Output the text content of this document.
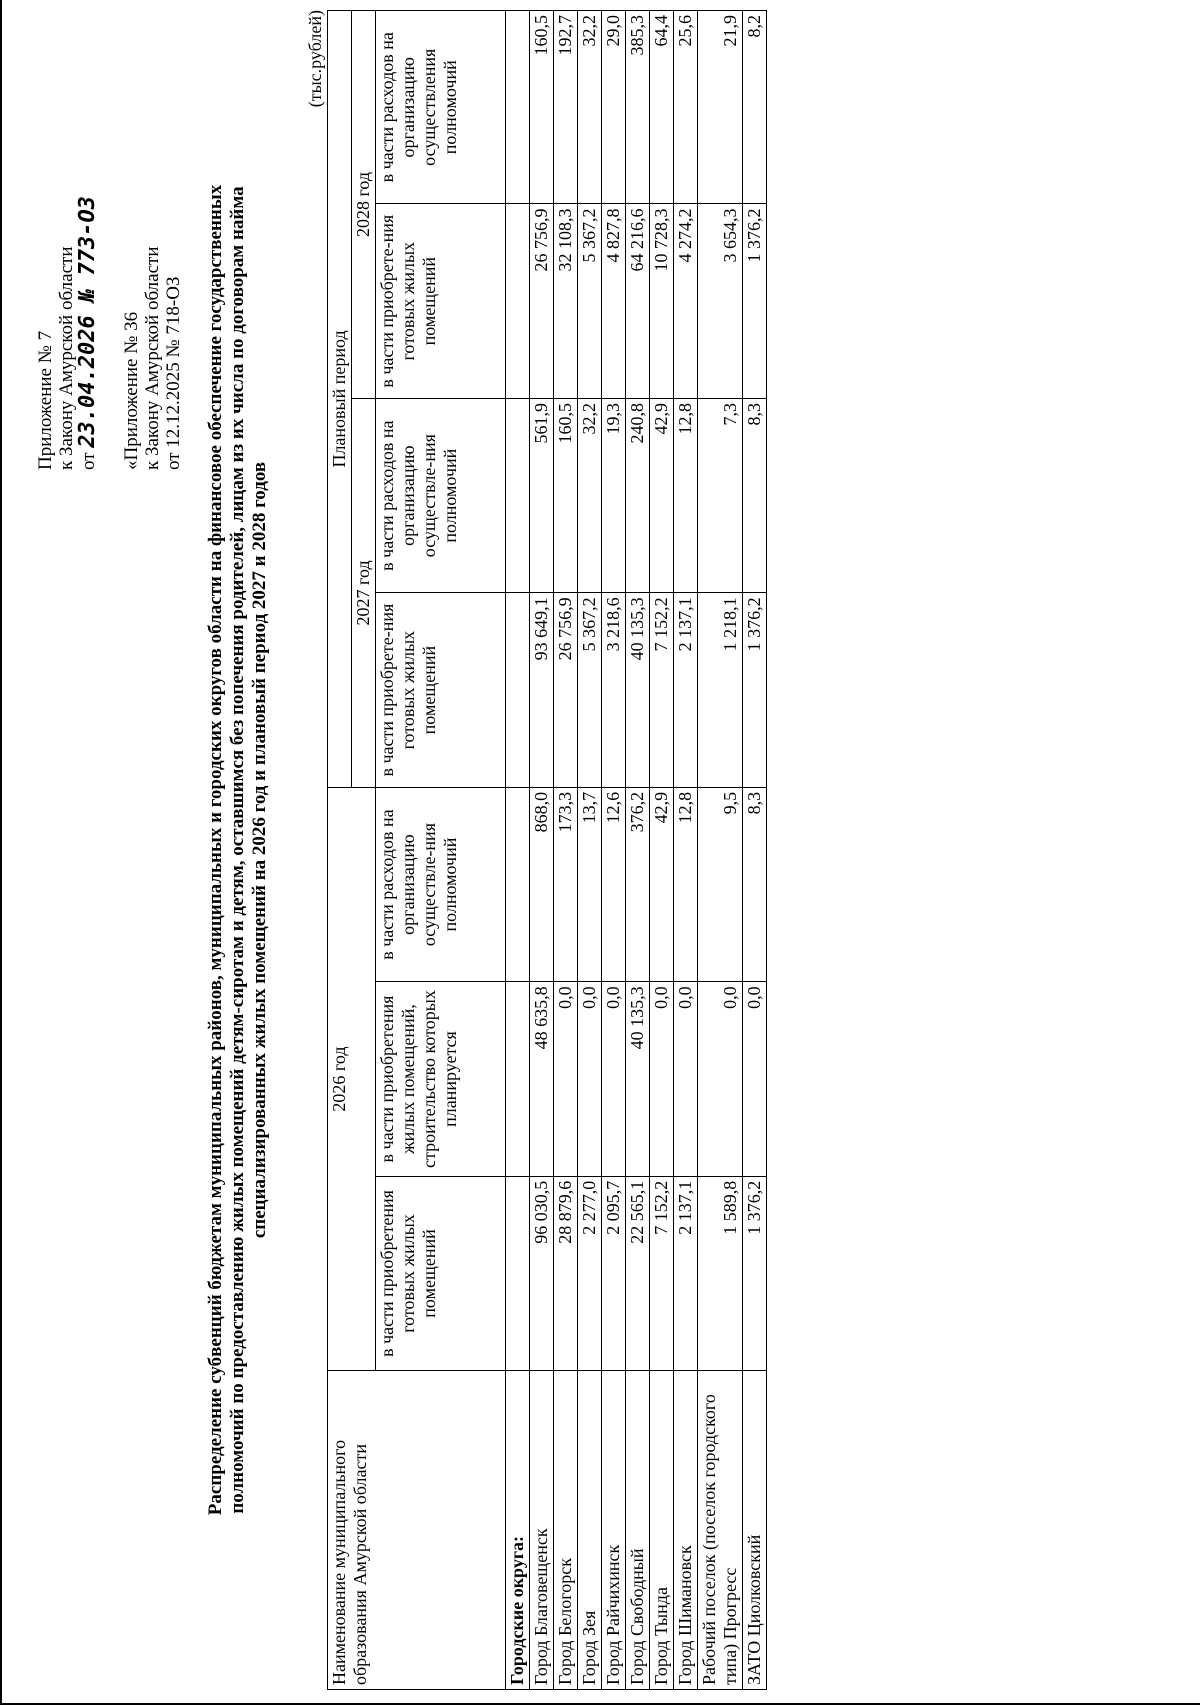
Приложение № 7 к Закону Амурской области от 23.04.2026 № 773-ОЗ «Приложение № 36 к Закону Амурской области от 12.12.2025 № 718-ОЗ Распределение субвенций бюджетам муниципальных районов, муниципальных и городских округов области на финансовое обеспечение государственных полномочий по предоставлению жилых помещений детям-сиротам и детям, оставшимся без попечения родителей, лицам из их числа по договорам найма специализированных жилых помещений на 2026 год и плановый период 2027 и 2028 годов
(тыс.рублей)
Наименование муниципального образования Амурской области	2026 год			Плановый период			
				2027 год		2028 год	
	в части приобретения готовых жилых помещений	в части приобретения жилых помещений, строительство которых планируется	в части расходов на организацию осуществле-ния полномочий	в части приобрете-ния готовых жилых помещений	в части расходов на организацию осуществле-ния полномочий	в части приобрете-ния готовых жилых помещений	в части расходов на организацию осуществления полномочий
Городские округа:							
Город Благовещенск	96 030,5	48 635,8	868,0	93 649,1	561,9	26 756,9	160,5
Город Белогорск	28 879,6	0,0	173,3	26 756,9	160,5	32 108,3	192,7
Город Зея	2 277,0	0,0	13,7	5 367,2	32,2	5 367,2	32,2
Город Райчихинск	2 095,7	0,0	12,6	3 218,6	19,3	4 827,8	29,0
Город Свободный	22 565,1	40 135,3	376,2	40 135,3	240,8	64 216,6	385,3
Город Тында	7 152,2	0,0	42,9	7 152,2	42,9	10 728,3	64,4
Город Шимановск	2 137,1	0,0	12,8	2 137,1	12,8	4 274,2	25,6
Рабочий поселок (поселок городского типа) Прогресс	1 589,8	0,0	9,5	1 218,1	7,3	3 654,3	21,9
ЗАТО Циолковский	1 376,2	0,0	8,3	1 376,2	8,3	1 376,2	8,2
